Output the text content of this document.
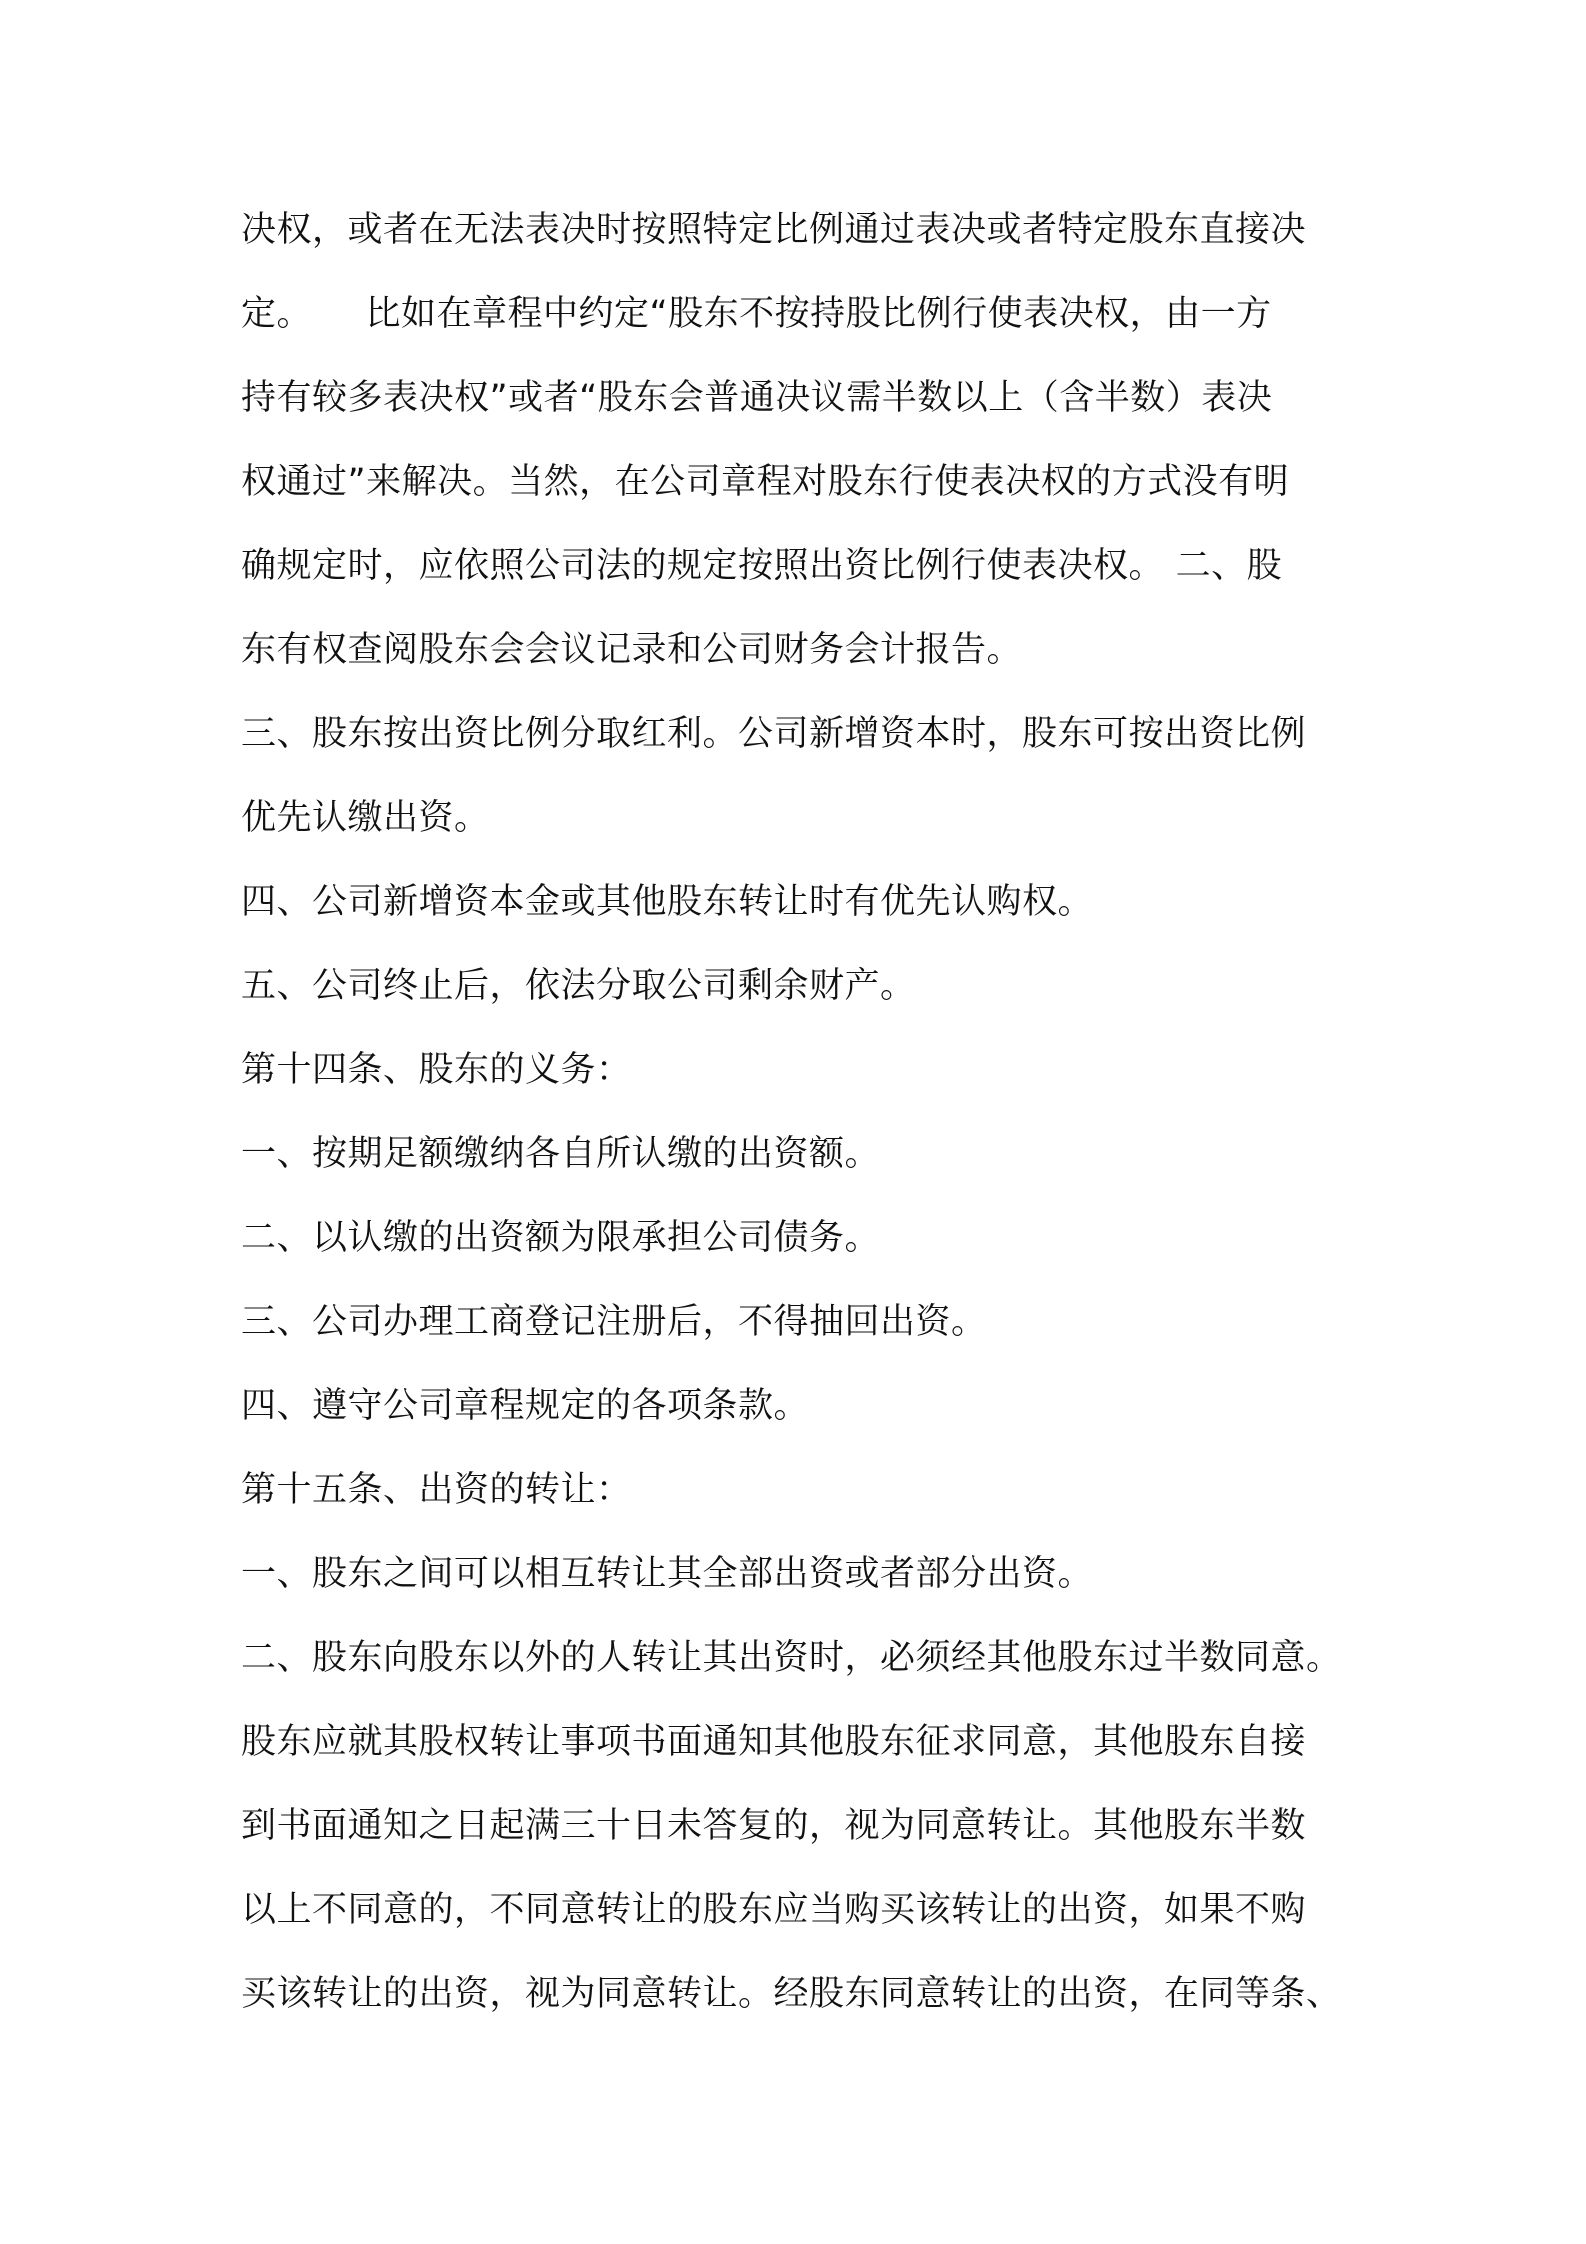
决权，或者在无法表决时按照特定比例通过表决或者特定股东直接决
定。　　比如在章程中约定“股东不按持股比例行使表决权，由一方
持有较多表决权”或者“股东会普通决议需半数以上（含半数）表决
权通过”来解决。当然，在公司章程对股东行使表决权的方式没有明
确规定时，应依照公司法的规定按照出资比例行使表决权。 二、股
东有权查阅股东会会议记录和公司财务会计报告。
三、股东按出资比例分取红利。公司新增资本时，股东可按出资比例
优先认缴出资。
四、公司新增资本金或其他股东转让时有优先认购权。
五、公司终止后，依法分取公司剩余财产。
第十四条、股东的义务：
一、按期足额缴纳各自所认缴的出资额。
二、以认缴的出资额为限承担公司债务。
三、公司办理工商登记注册后，不得抽回出资。
四、遵守公司章程规定的各项条款。
第十五条、出资的转让：
一、股东之间可以相互转让其全部出资或者部分出资。
二、股东向股东以外的人转让其出资时，必须经其他股东过半数同意。
股东应就其股权转让事项书面通知其他股东征求同意，其他股东自接
到书面通知之日起满三十日未答复的，视为同意转让。其他股东半数
以上不同意的，不同意转让的股东应当购买该转让的出资，如果不购
买该转让的出资，视为同意转让。经股东同意转让的出资，在同等条、
